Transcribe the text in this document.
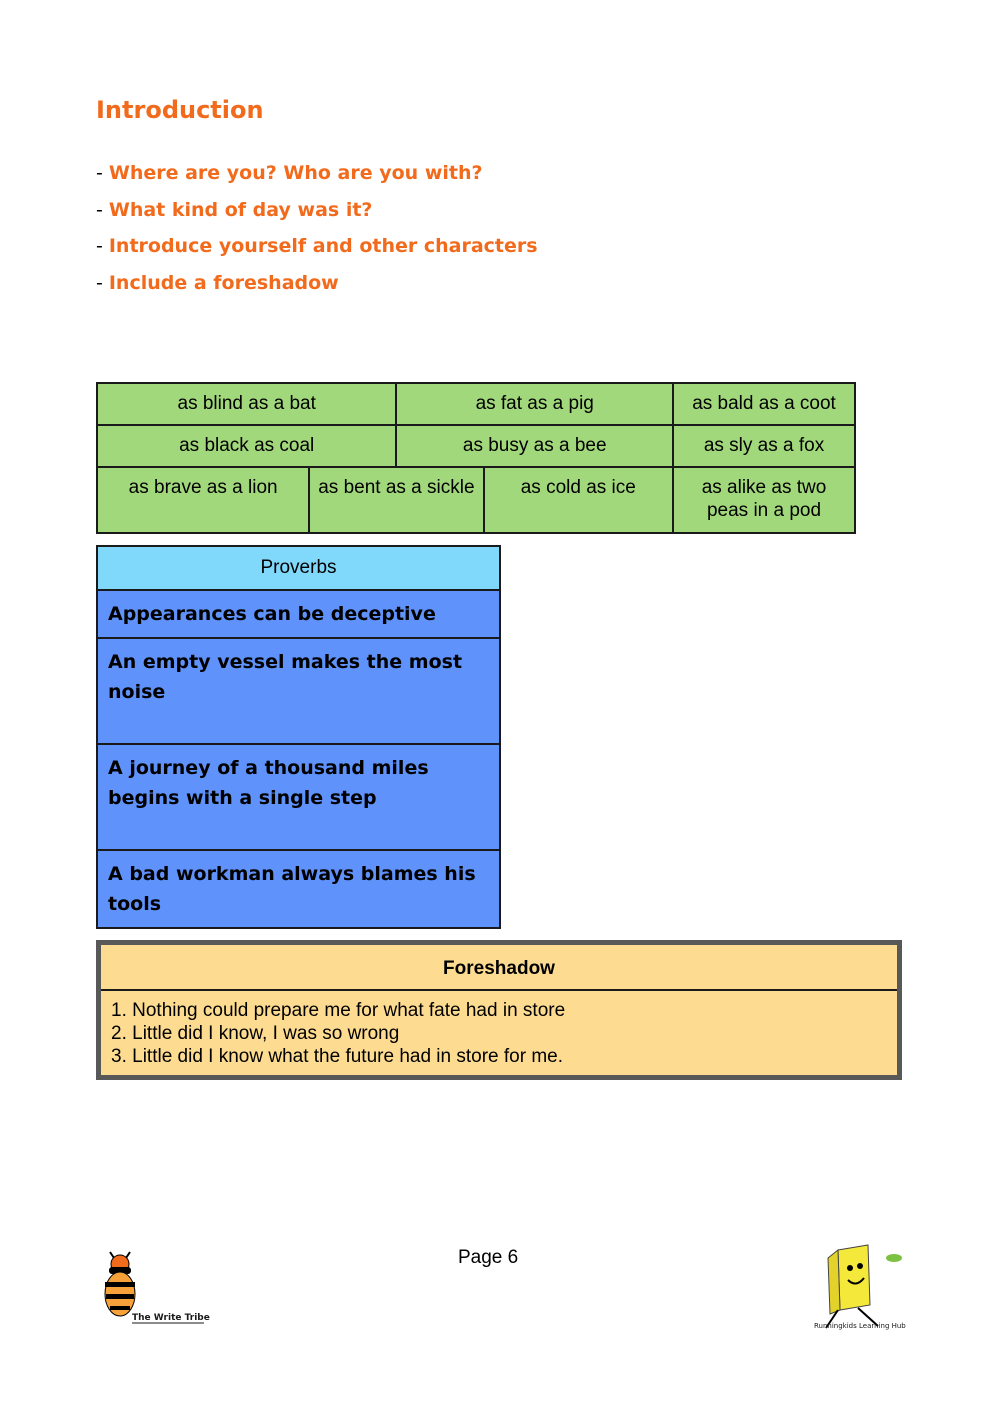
Introduction
- Where are you? Who are you with?
- What kind of day was it?
- Introduce yourself and other characters
- Include a foreshadow
as blind as a bat		as fat as a pig		as bald as a coot
as black as coal		as busy as a bee		as sly as a fox
as brave as a lion	as bent as a sickle		as cold as ice	as alike as two peas in a pod
Proverbs
Appearances can be deceptive
An empty vessel makes the most noise
A journey of a thousand miles begins with a single step
A bad workman always blames his tools
Foreshadow
1. Nothing could prepare me for what fate had in store
2. Little did I know, I was so wrong
3. Little did I know what the future had in store for me.
Page 6
The Write Tribe
Runningkids Learning Hub
